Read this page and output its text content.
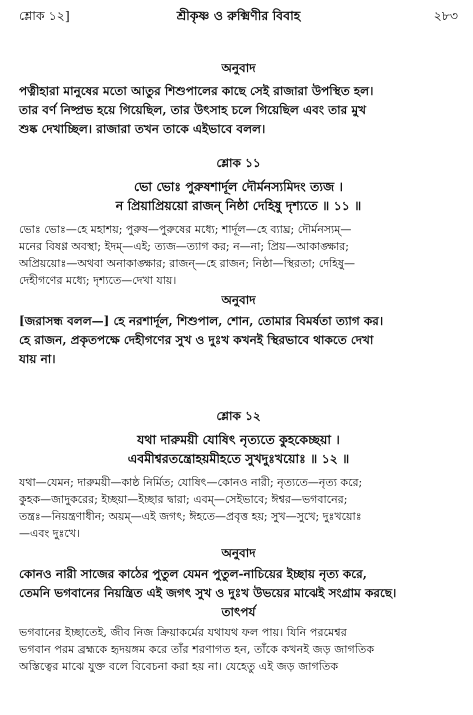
শ্লোক ১২]	শ্রীকৃষ্ণ ও রুক্মিণীর বিবাহ	২৮৩
অনুবাদ
পত্নীহারা মানুষের মতো আতুর শিশুপালের কাছে সেই রাজারা উপস্থিত হল।
তার বর্ণ নিষ্প্রভ হয়ে গিয়েছিল, তার উৎসাহ চলে গিয়েছিল এবং তার মুখ
শুষ্ক দেখাচ্ছিল। রাজারা তখন তাকে এইভাবে বলল।
শ্লোক ১১
ভো ভোঃ পুরুষশার্দূল দৌর্মনস্যমিদং ত্যজ ।
ন প্রিয়াপ্রিয়য়ো রাজন্ নিষ্ঠা দেহিষু দৃশ্যতে ॥ ১১ ॥
ভোঃ ভোঃ—হে মহাশয়; পুরুষ—পুরুষের মধ্যে; শার্দূল—হে ব্যাঘ্র; দৌর্মনস্যম্—
মনের বিষণ্ণ অবস্থা; ইদম্—এই; ত্যজ—ত্যাগ কর; ন—না; প্রিয়—আকাঙ্ক্ষার;
অপ্রিয়য়োঃ—অথবা অনাকাঙ্ক্ষার; রাজন্—হে রাজন; নিষ্ঠা—স্থিরতা; দেহিষু—
দেহীগণের মধ্যে; দৃশ্যতে—দেখা যায়।
অনুবাদ
[জরাসন্ধ বলল—] হে নরশার্দূল, শিশুপাল, শোন, তোমার বিমর্ষতা ত্যাগ কর।
হে রাজন, প্রকৃতপক্ষে দেহীগণের সুখ ও দুঃখ কখনই স্থিরভাবে থাকতে দেখা
যায় না।
শ্লোক ১২
যথা দারুময়ী যোষিৎ নৃত্যতে কুহকেচ্ছয়া ।
এবমীশ্বরতন্ত্রোহয়মীহতে সুখদুঃখয়োঃ ॥ ১২ ॥
যথা—যেমন; দারুময়ী—কাষ্ঠ নির্মিত; যোষিৎ—কোনও নারী; নৃত্যতে—নৃত্য করে;
কুহক—জাদুকরের; ইচ্ছয়া—ইচ্ছার দ্বারা; এবম্—সেইভাবে; ঈশ্বর—ভগবানের;
তন্ত্রঃ—নিয়ন্ত্রণাধীন; অয়ম্—এই জগৎ; ঈহতে—প্রবৃত্ত হয়; সুখ—সুখে; দুঃখয়োঃ
—এবং দুঃখে।
অনুবাদ
কোনও নারী সাজের কাঠের পুতুল যেমন পুতুল-নাচিয়ের ইচ্ছায় নৃত্য করে,
তেমনি ভগবানের নিয়ন্ত্রিত এই জগৎ সুখ ও দুঃখ উভয়ের মাঝেই সংগ্রাম করছে।
তাৎপর্য
ভগবানের ইচ্ছাতেই, জীব নিজ ক্রিয়াকর্মের যথাযথ ফল পায়। যিনি পরমেশ্বর
ভগবান পরম ব্রহ্মকে হৃদয়ঙ্গম করে তাঁর শরণাগত হন, তাঁকে কখনই জড় জাগতিক
অস্তিত্বের মাঝে যুক্ত বলে বিবেচনা করা হয় না। যেহেতু এই জড় জাগতিক
